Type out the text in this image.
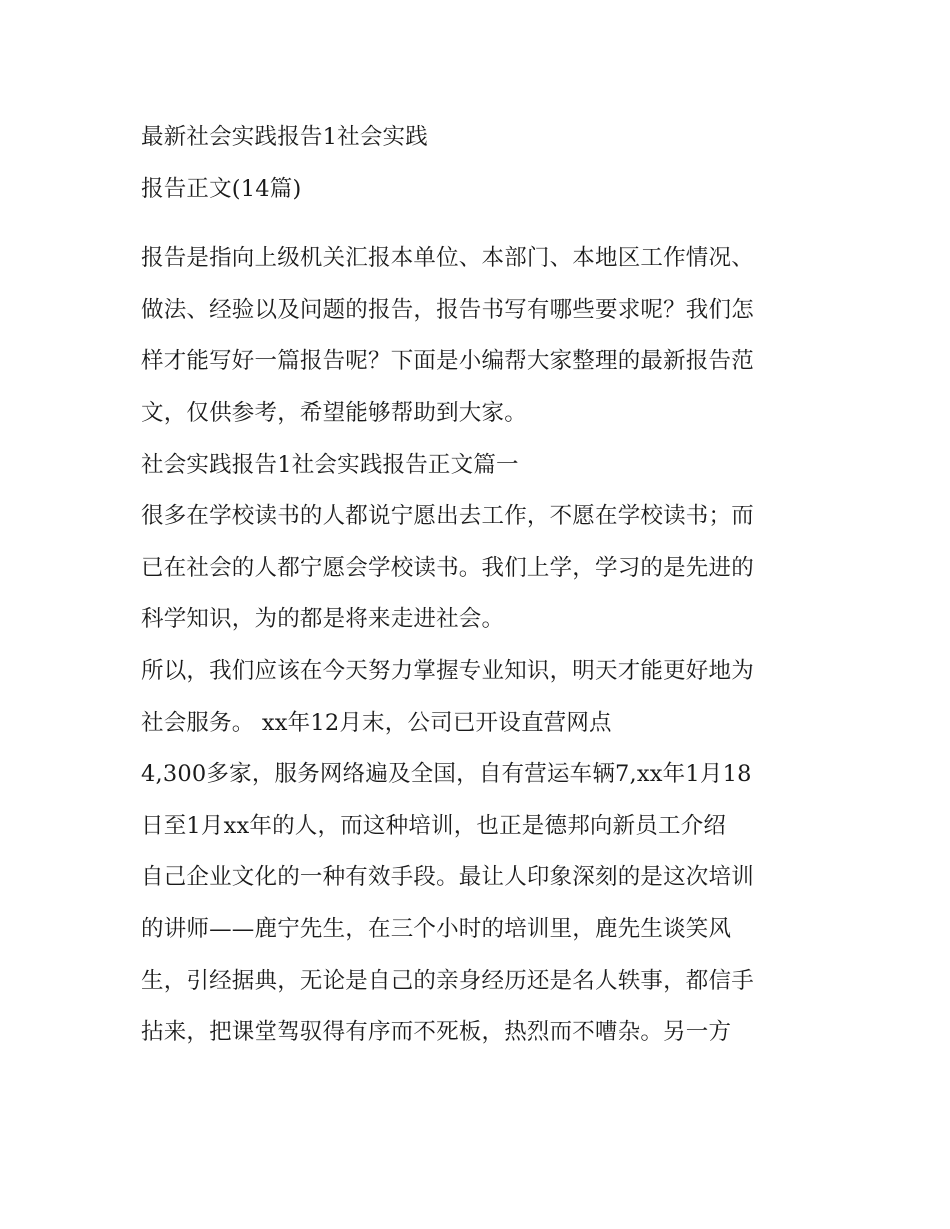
最新社会实践报告1社会实践
报告正文(14篇)

报告是指向上级机关汇报本单位、本部门、本地区工作情况、
做法、经验以及问题的报告，报告书写有哪些要求呢？我们怎
样才能写好一篇报告呢？下面是小编帮大家整理的最新报告范
文，仅供参考，希望能够帮助到大家。

社会实践报告1社会实践报告正文篇一

很多在学校读书的人都说宁愿出去工作，不愿在学校读书；而
已在社会的人都宁愿会学校读书。我们上学，学习的是先进的
科学知识，为的都是将来走进社会。

所以，我们应该在今天努力掌握专业知识，明天才能更好地为
社会服务。 xx年12月末，公司已开设直营网点
4,300多家，服务网络遍及全国，自有营运车辆7,xx年1月18
日至1月xx年的人，而这种培训，也正是德邦向新员工介绍
自己企业文化的一种有效手段。最让人印象深刻的是这次培训
的讲师——鹿宁先生，在三个小时的培训里，鹿先生谈笑风
生，引经据典，无论是自己的亲身经历还是名人轶事，都信手
拈来，把课堂驾驭得有序而不死板，热烈而不嘈杂。另一方
